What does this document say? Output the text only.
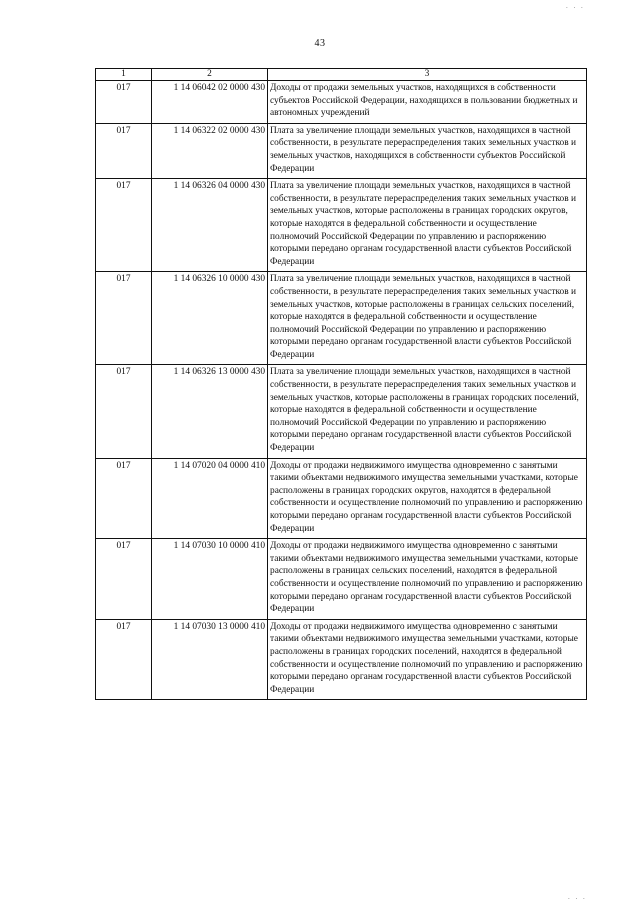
. . .
43
1	2	3
017	1 14 06042 02 0000 430	Доходы от продажи земельных участков, находящихся в собственности субъектов Российской Федерации, находящихся в пользовании бюджетных и автономных учреждений
017	1 14 06322 02 0000 430	Плата за увеличение площади земельных участков, находящихся в частной собственности, в результате перераспределения таких земельных участков и земельных участков, находящихся в собственности субъектов Российской Федерации
017	1 14 06326 04 0000 430	Плата за увеличение площади земельных участков, находящихся в частной собственности, в результате перераспределения таких земельных участков и земельных участков, которые расположены в границах городских округов, которые находятся в федеральной собственности и осуществление полномочий Российской Федерации по управлению и распоряжению которыми передано органам государственной власти субъектов Российской Федерации
017	1 14 06326 10 0000 430	Плата за увеличение площади земельных участков, находящихся в частной собственности, в результате перераспределения таких земельных участков и земельных участков, которые расположены в границах сельских поселений, которые находятся в федеральной собственности и осуществление полномочий Российской Федерации по управлению и распоряжению которыми передано органам государственной власти субъектов Российской Федерации
017	1 14 06326 13 0000 430	Плата за увеличение площади земельных участков, находящихся в частной собственности, в результате перераспределения таких земельных участков и земельных участков, которые расположены в границах городских поселений, которые находятся в федеральной собственности и осуществление полномочий Российской Федерации по управлению и распоряжению которыми передано органам государственной власти субъектов Российской Федерации
017	1 14 07020 04 0000 410	Доходы от продажи недвижимого имущества одновременно с занятыми такими объектами недвижимого имущества земельными участками, которые расположены в границах городских округов, находятся в федеральной собственности и осуществление полномочий по управлению и распоряжению которыми передано органам государственной власти субъектов Российской Федерации
017	1 14 07030 10 0000 410	Доходы от продажи недвижимого имущества одновременно с занятыми такими объектами недвижимого имущества земельными участками, которые расположены в границах сельских поселений, находятся в федеральной собственности и осуществление полномочий по управлению и распоряжению которыми передано органам государственной власти субъектов Российской Федерации
017	1 14 07030 13 0000 410	Доходы от продажи недвижимого имущества одновременно с занятыми такими объектами недвижимого имущества земельными участками, которые расположены в границах городских поселений, находятся в федеральной собственности и осуществление полномочий по управлению и распоряжению которыми передано органам государственной власти субъектов Российской Федерации
. . .
